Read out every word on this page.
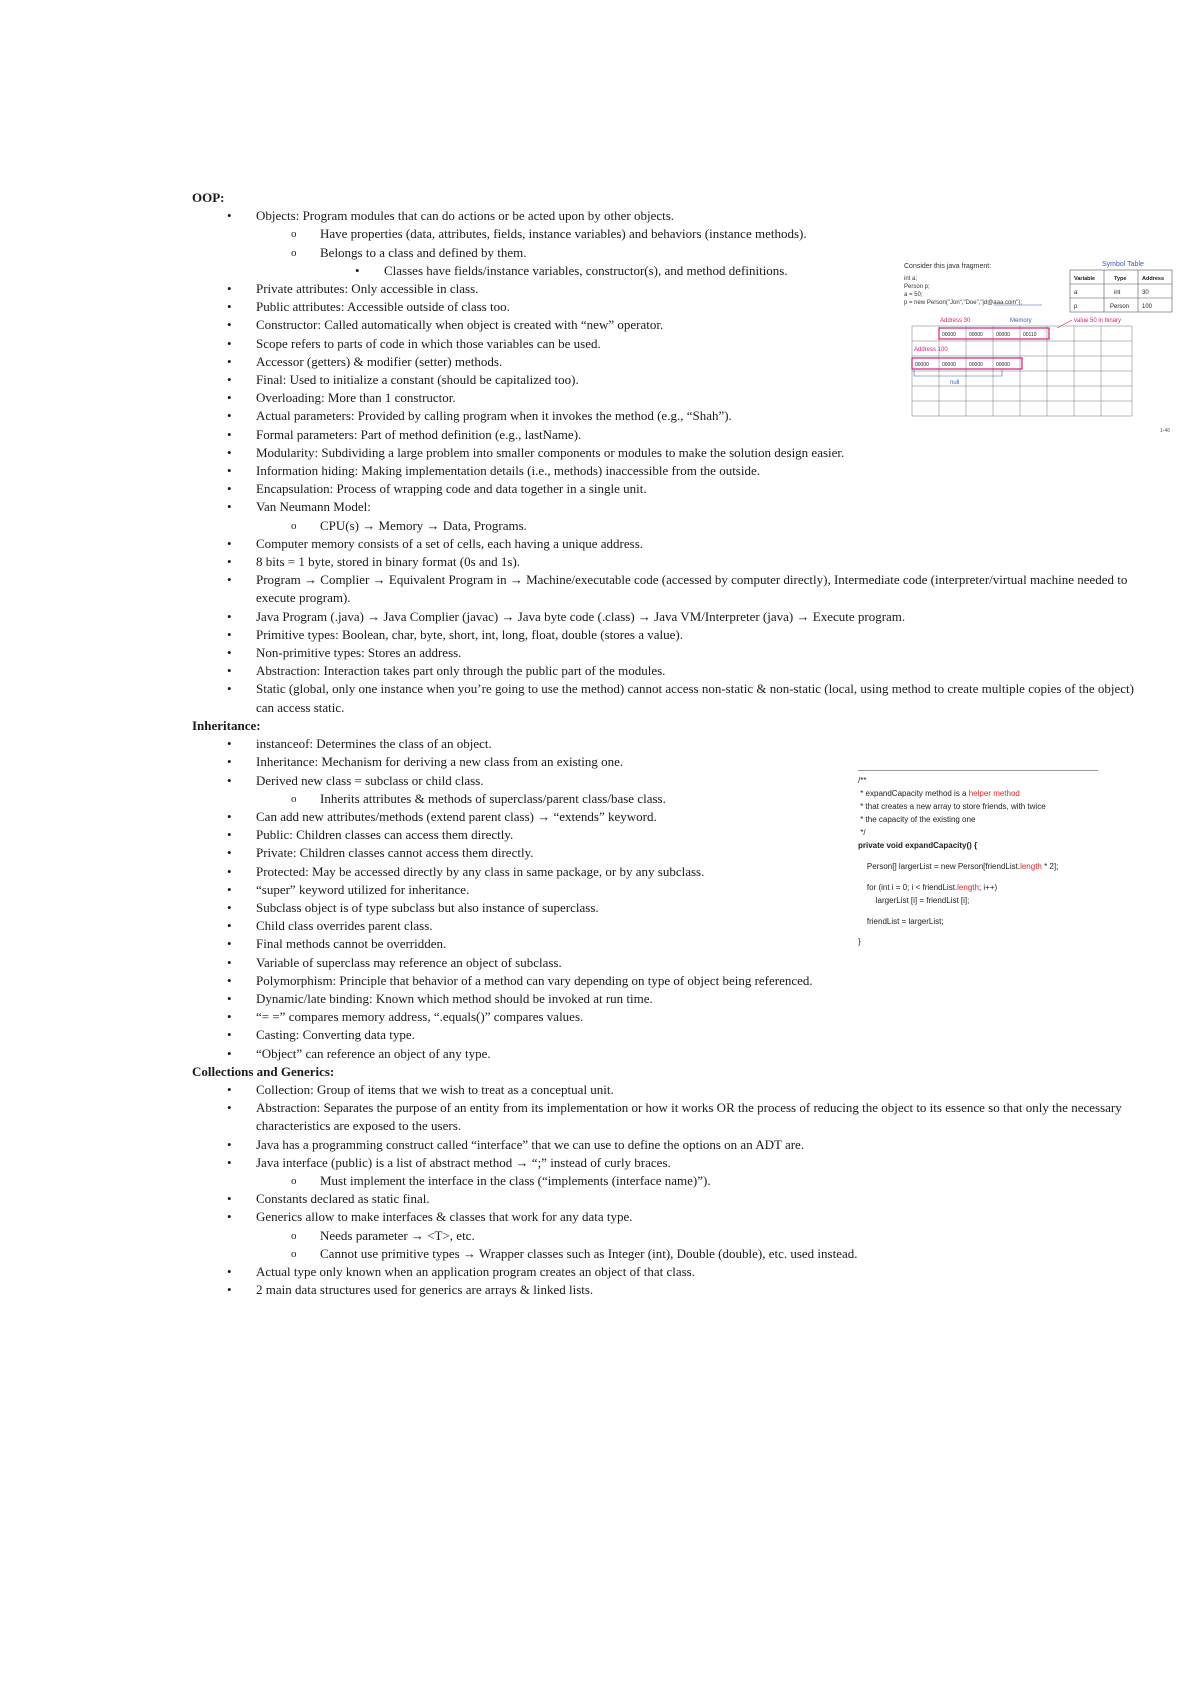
OOP:
• Objects: Program modules that can do actions or be acted upon by other objects.
o Have properties (data, attributes, fields, instance variables) and behaviors (instance methods).
o Belongs to a class and defined by them.
• Classes have fields/instance variables, constructor(s), and method definitions.
• Private attributes: Only accessible in class.
• Public attributes: Accessible outside of class too.
• Constructor: Called automatically when object is created with “new” operator.
• Scope refers to parts of code in which those variables can be used.
• Accessor (getters) & modifier (setter) methods.
• Final: Used to initialize a constant (should be capitalized too).
• Overloading: More than 1 constructor.
• Actual parameters: Provided by calling program when it invokes the method (e.g., “Shah”).
• Formal parameters: Part of method definition (e.g., lastName).
• Modularity: Subdividing a large problem into smaller components or modules to make the solution design easier.
• Information hiding: Making implementation details (i.e., methods) inaccessible from the outside.
• Encapsulation: Process of wrapping code and data together in a single unit.
• Van Neumann Model:
o CPU(s) → Memory → Data, Programs.
• Computer memory consists of a set of cells, each having a unique address.
• 8 bits = 1 byte, stored in binary format (0s and 1s).
• Program → Complier → Equivalent Program in → Machine/executable code (accessed by computer directly), Intermediate code (interpreter/virtual machine needed to execute program).
• Java Program (.java) → Java Complier (javac) → Java byte code (.class) → Java VM/Interpreter (java) → Execute program.
• Primitive types: Boolean, char, byte, short, int, long, float, double (stores a value).
• Non-primitive types: Stores an address.
• Abstraction: Interaction takes part only through the public part of the modules.
• Static (global, only one instance when you’re going to use the method) cannot access non-static & non-static (local, using method to create multiple copies of the object) can access static.
Inheritance:
• instanceof: Determines the class of an object.
• Inheritance: Mechanism for deriving a new class from an existing one.
• Derived new class = subclass or child class.
o Inherits attributes & methods of superclass/parent class/base class.
• Can add new attributes/methods (extend parent class) → “extends” keyword.
• Public: Children classes can access them directly.
• Private: Children classes cannot access them directly.
• Protected: May be accessed directly by any class in same package, or by any subclass.
• “super” keyword utilized for inheritance.
• Subclass object is of type subclass but also instance of superclass.
• Child class overrides parent class.
• Final methods cannot be overridden.
• Variable of superclass may reference an object of subclass.
• Polymorphism: Principle that behavior of a method can vary depending on type of object being referenced.
• Dynamic/late binding: Known which method should be invoked at run time.
• “= =” compares memory address, “.equals()” compares values.
• Casting: Converting data type.
• “Object” can reference an object of any type.
Collections and Generics:
• Collection: Group of items that we wish to treat as a conceptual unit.
• Abstraction: Separates the purpose of an entity from its implementation or how it works OR the process of reducing the object to its essence so that only the necessary characteristics are exposed to the users.
• Java has a programming construct called “interface” that we can use to define the options on an ADT are.
• Java interface (public) is a list of abstract method → “;” instead of curly braces.
o Must implement the interface in the class (“implements (interface name)”).
• Constants declared as static final.
• Generics allow to make interfaces & classes that work for any data type.
o Needs parameter → <T>, etc.
o Cannot use primitive types → Wrapper classes such as Integer (int), Double (double), etc. used instead.
• Actual type only known when an application program creates an object of that class.
• 2 main data structures used for generics are arrays & linked lists.
Consider this java fragment:
int a;
Person p;
a = 50;
p = new Person("Jon","Doe","jd@aaa.com");
Symbol Table
Variable	Type	Address
a	int	30
p	Person 100
Address 30	Memory	value 50 in binary
00000	00000	00000	00110
Address 100
00000	00000	00000	00000
null
1-46
/**
* expandCapacity method is a helper method
* that creates a new array to store friends, with twice
* the capacity of the existing one
*/
private void expandCapacity() {
Person[] largerList = new Person[friendList.length * 2];
for (int i = 0; i < friendList.length; i++)
largerList [i] = friendList [i];
friendList = largerList;
}
